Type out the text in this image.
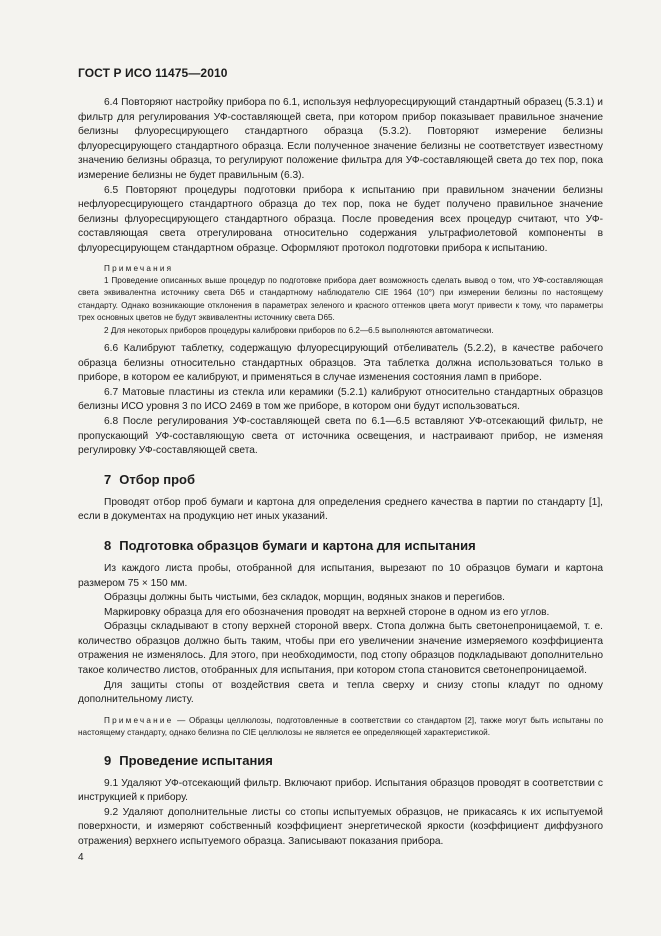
ГОСТ Р ИСО 11475—2010

6.4 Повторяют настройку прибора по 6.1, используя нефлуоресцирующий стандартный образец (5.3.1) и фильтр для регулирования УФ-составляющей света, при котором прибор показывает правильное значение белизны флуоресцирующего стандартного образца (5.3.2). Повторяют измерение белизны флуоресцирующего стандартного образца. Если полученное значение белизны не соответствует известному значению белизны образца, то регулируют положение фильтра для УФ-составляющей света до тех пор, пока измерение белизны не будет правильным (6.3).

6.5 Повторяют процедуры подготовки прибора к испытанию при правильном значении белизны нефлуоресцирующего стандартного образца до тех пор, пока не будет получено правильное значение белизны флуоресцирующего стандартного образца. После проведения всех процедур считают, что УФ-составляющая света отрегулирована относительно содержания ультрафиолетовой компоненты в флуоресцирующем стандартном образце. Оформляют протокол подготовки прибора к испытанию.

Примечания

1 Проведение описанных выше процедур по подготовке прибора дает возможность сделать вывод о том, что УФ-составляющая света эквивалентна источнику света D65 и стандартному наблюдателю CIE 1964 (10°) при измерении белизны по настоящему стандарту. Однако возникающие отклонения в параметрах зеленого и красного оттенков цвета могут привести к тому, что параметры трех основных цветов не будут эквивалентны источнику света D65.

2 Для некоторых приборов процедуры калибровки приборов по 6.2—6.5 выполняются автоматически.

6.6 Калибруют таблетку, содержащую флуоресцирующий отбеливатель (5.2.2), в качестве рабочего образца белизны относительно стандартных образцов. Эта таблетка должна использоваться только в приборе, в котором ее калибруют, и применяться в случае изменения состояния ламп в приборе.

6.7 Матовые пластины из стекла или керамики (5.2.1) калибруют относительно стандартных образцов белизны ИСО уровня 3 по ИСО 2469 в том же приборе, в котором они будут использоваться.

6.8 После регулирования УФ-составляющей света по 6.1—6.5 вставляют УФ-отсекающий фильтр, не пропускающий УФ-составляющую света от источника освещения, и настраивают прибор, не изменяя регулировку УФ-составляющей света.

7 Отбор проб

Проводят отбор проб бумаги и картона для определения среднего качества в партии по стандарту [1], если в документах на продукцию нет иных указаний.

8 Подготовка образцов бумаги и картона для испытания

Из каждого листа пробы, отобранной для испытания, вырезают по 10 образцов бумаги и картона размером 75 × 150 мм.

Образцы должны быть чистыми, без складок, морщин, водяных знаков и перегибов.

Маркировку образца для его обозначения проводят на верхней стороне в одном из его углов.

Образцы складывают в стопу верхней стороной вверх. Стопа должна быть светонепроницаемой, т. е. количество образцов должно быть таким, чтобы при его увеличении значение измеряемого коэффициента отражения не изменялось. Для этого, при необходимости, под стопу образцов подкладывают дополнительно такое количество листов, отобранных для испытания, при котором стопа становится светонепроницаемой.

Для защиты стопы от воздействия света и тепла сверху и снизу стопы кладут по одному дополнительному листу.

Примечание — Образцы целлюлозы, подготовленные в соответствии со стандартом [2], также могут быть испытаны по настоящему стандарту, однако белизна по CIE целлюлозы не является ее определяющей характеристикой.

9 Проведение испытания

9.1 Удаляют УФ-отсекающий фильтр. Включают прибор. Испытания образцов проводят в соответствии с инструкцией к прибору.

9.2 Удаляют дополнительные листы со стопы испытуемых образцов, не прикасаясь к их испытуемой поверхности, и измеряют собственный коэффициент энергетической яркости (коэффициент диффузного отражения) верхнего испытуемого образца. Записывают показания прибора.

4
